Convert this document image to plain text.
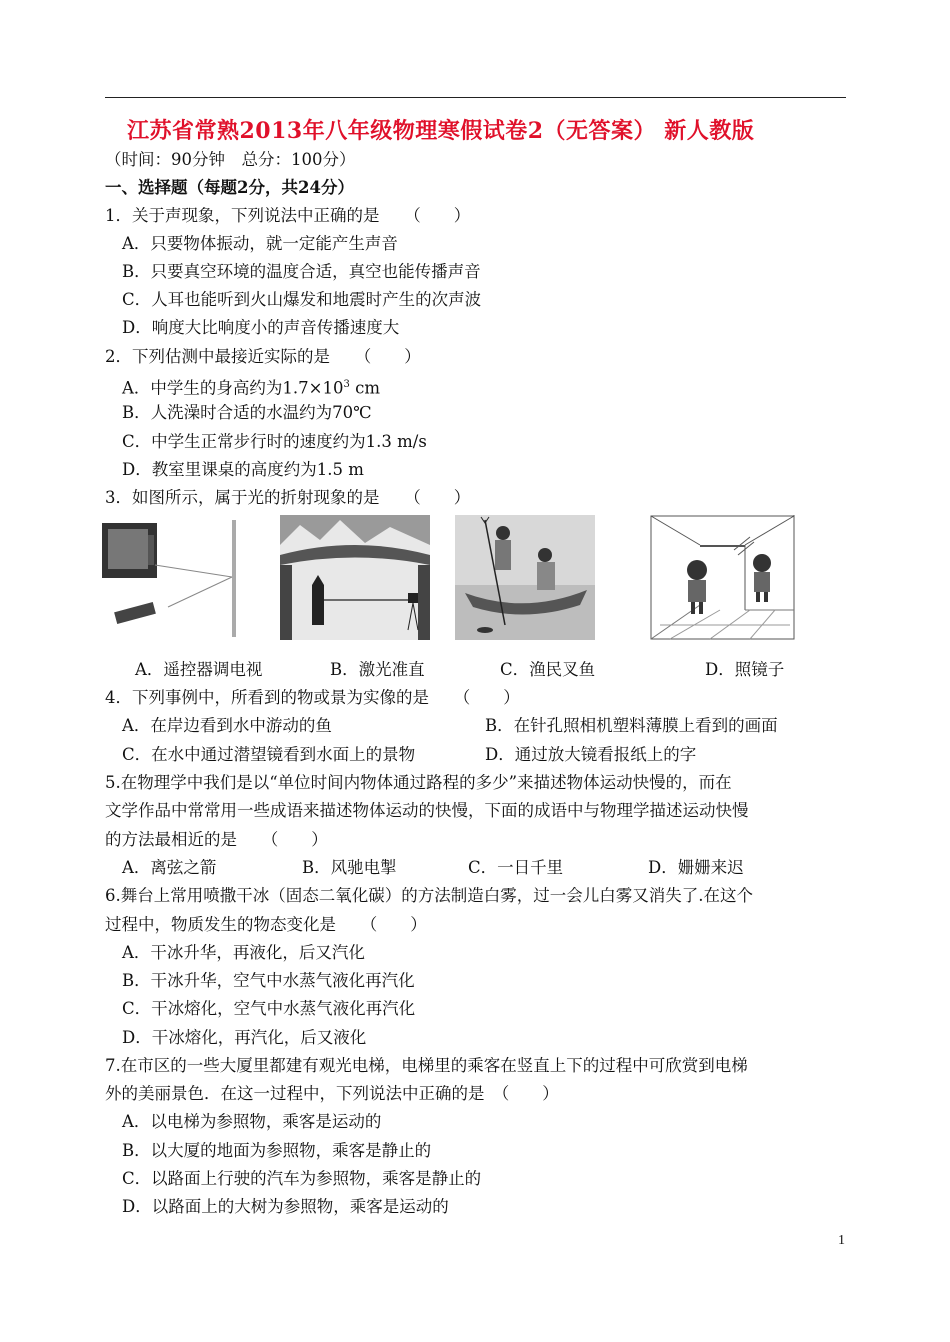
江苏省常熟2013年八年级物理寒假试卷2（无答案） 新人教版
（时间：90分钟　总分：100分）
一、选择题（每题2分，共24分）
1．关于声现象，下列说法中正确的是　　（　　）
A．只要物体振动，就一定能产生声音
B．只要真空环境的温度合适，真空也能传播声音
C．人耳也能听到火山爆发和地震时产生的次声波
D．响度大比响度小的声音传播速度大
2．下列估测中最接近实际的是　　（　　）
A．中学生的身高约为$1.7\times 10^3$ cm
B．人洗澡时合适的水温约为70℃
C．中学生正常步行时的速度约为1.3 m/s
D．教室里课桌的高度约为1.5 m
3．如图所示，属于光的折射现象的是　　（　　）
A．遥控器调电视	B．激光准直	C．渔民叉鱼	D．照镜子
4．下列事例中，所看到的物或景为实像的是　　（　　）
A．在岸边看到水中游动的鱼	B．在针孔照相机塑料薄膜上看到的画面
C．在水中通过潜望镜看到水面上的景物	D．通过放大镜看报纸上的字
5.在物理学中我们是以“单位时间内物体通过路程的多少”来描述物体运动快慢的，而在
文学作品中常常用一些成语来描述物体运动的快慢，下面的成语中与物理学描述运动快慢
的方法最相近的是　　（　　）
A．离弦之箭	B．风驰电掣	C．一日千里	D．姗姗来迟
6.舞台上常用喷撒干冰（固态二氧化碳）的方法制造白雾，过一会儿白雾又消失了.在这个
过程中，物质发生的物态变化是　　（　　）
A．干冰升华，再液化，后又汽化
B．干冰升华，空气中水蒸气液化再汽化
C．干冰熔化，空气中水蒸气液化再汽化
D．干冰熔化，再汽化，后又液化
7.在市区的一些大厦里都建有观光电梯，电梯里的乘客在竖直上下的过程中可欣赏到电梯
外的美丽景色．在这一过程中，下列说法中正确的是　（　　）
A．以电梯为参照物，乘客是运动的
B．以大厦的地面为参照物，乘客是静止的
C．以路面上行驶的汽车为参照物，乘客是静止的
D．以路面上的大树为参照物，乘客是运动的
1
